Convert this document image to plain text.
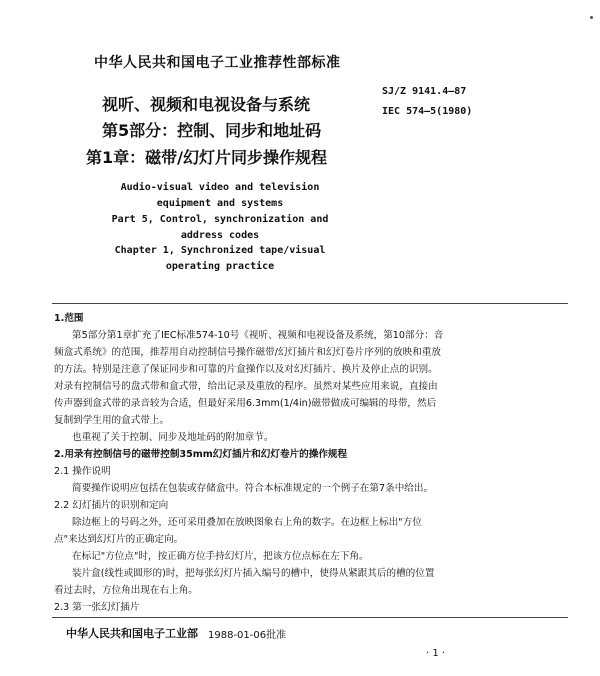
中华人民共和国电子工业推荐性部标准
SJ/Z 9141.4—87
IEC 574—5(1980)
视听、视频和电视设备与系统
第5部分：控制、同步和地址码
第1章：磁带/幻灯片同步操作规程
Audio-visual video and television
equipment and systems
Part 5, Control, synchronization and
address codes
Chapter 1, Synchronized tape/visual
operating practice
1.范围
第5部分第1章扩充了IEC标准574-10号《视听、视频和电视设备及系统，第10部分：音
频盒式系统》的范围，推荐用自动控制信号操作磁带/幻灯插片和幻灯卷片序列的放映和重放
的方法。特别是注意了保证同步和可靠的片盒操作以及对幻灯插片、换片及停止点的识别。
对录有控制信号的盘式带和盒式带，给出记录及重放的程序。虽然对某些应用来说，直接由
传声器到盒式带的录音较为合适，但最好采用6.3mm(1/4in)磁带做成可编辑的母带，然后
复制到学生用的盒式带上。
也重视了关于控制、同步及地址码的附加章节。
2.用录有控制信号的磁带控制35mm幻灯插片和幻灯卷片的操作规程
2.1 操作说明
简要操作说明应包括在包装或存储盒中。符合本标准规定的一个例子在第7条中给出。
2.2 幻灯插片的识别和定向
除边框上的号码之外，还可采用叠加在放映图象右上角的数字。在边框上标出"方位
点"来达到幻灯片的正确定向。
在标记"方位点"时，按正确方位手持幻灯片，把该方位点标在左下角。
装片盒(线性或圆形的)时，把每张幻灯片插入编号的槽中，使得从紧跟其后的槽的位置
看过去时，方位角出现在右上角。
2.3 第一张幻灯插片
中华人民共和国电子工业部 1988-01-06批准
· 1 ·
